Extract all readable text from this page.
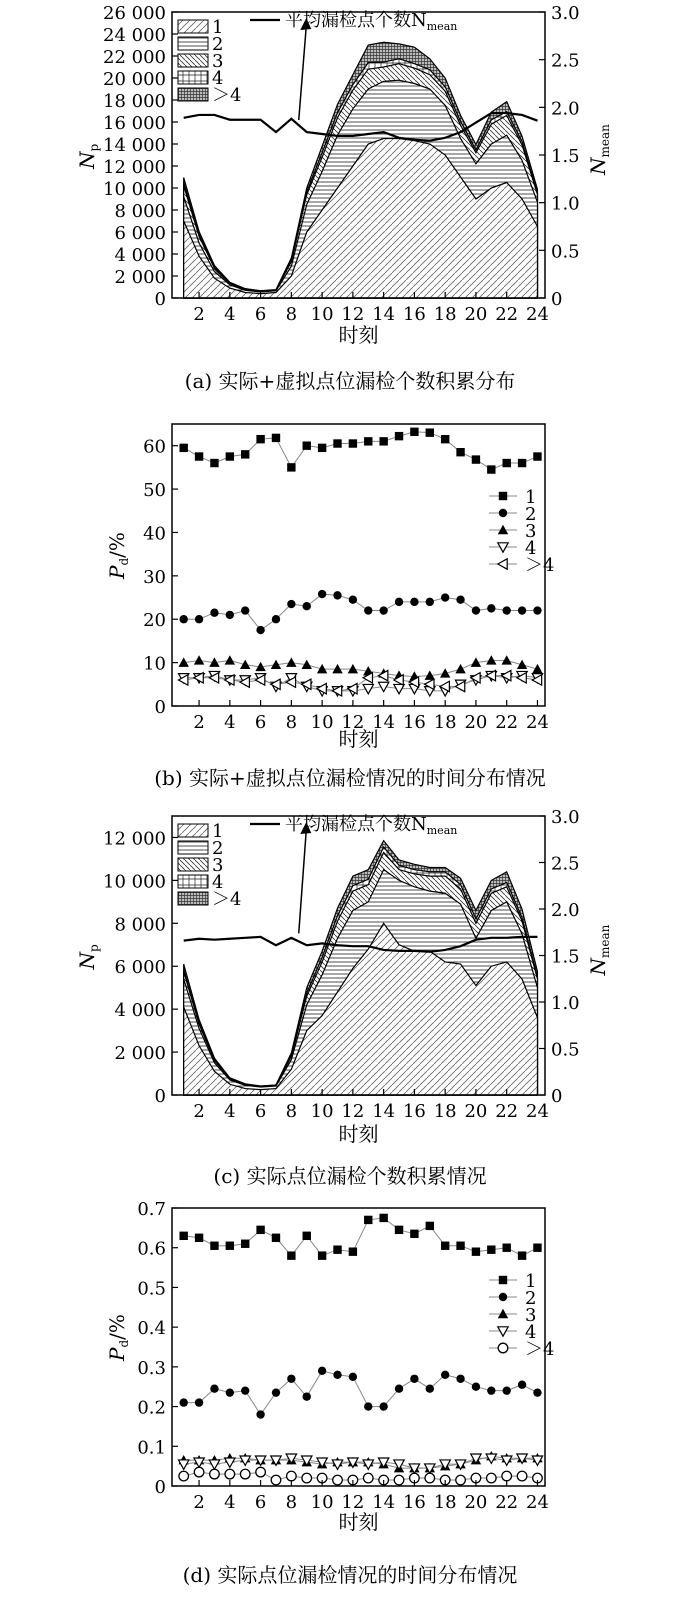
平均漏检点个数$N_{mean}$
1
2
3
4
＞4
0
0.5
1.0
1.5
2.0
2.5
3.0
$N_{mean}$
2 4 6 8 10 12 14 16 18 20 22 24
0
2 000
4 000
6 000
8 000
10 000
12 000
14 000
16 000
18 000
20 000
22 000
24 000
26 000
时刻
(a) 实际+虚拟点位漏检个数积累分布
$N_p$
1
2
3
4
＞4
2 4 6 8 10 12 14 16 18 20 22 24
0
10
20
30
40
50
60
时刻
(b) 实际+虚拟点位漏检情况的时间分布情况
$P_d/\%$
平均漏检点个数$N_{mean}$
1
2
3
4
＞4
0
0.5
1.0
1.5
2.0
2.5
3.0
$N_{mean}$
2 4 6 8 10 12 14 16 18 20 22 24
0
2 000
4 000
6 000
8 000
10 000
12 000
时刻
(c) 实际点位漏检个数积累情况
$N_p$
1
2
3
4
＞4
2 4 6 8 10 12 14 16 18 20 22 24
0
0.1
0.2
0.3
0.4
0.5
0.6
0.7
时刻
(d) 实际点位漏检情况的时间分布情况
$P_d/\%$
